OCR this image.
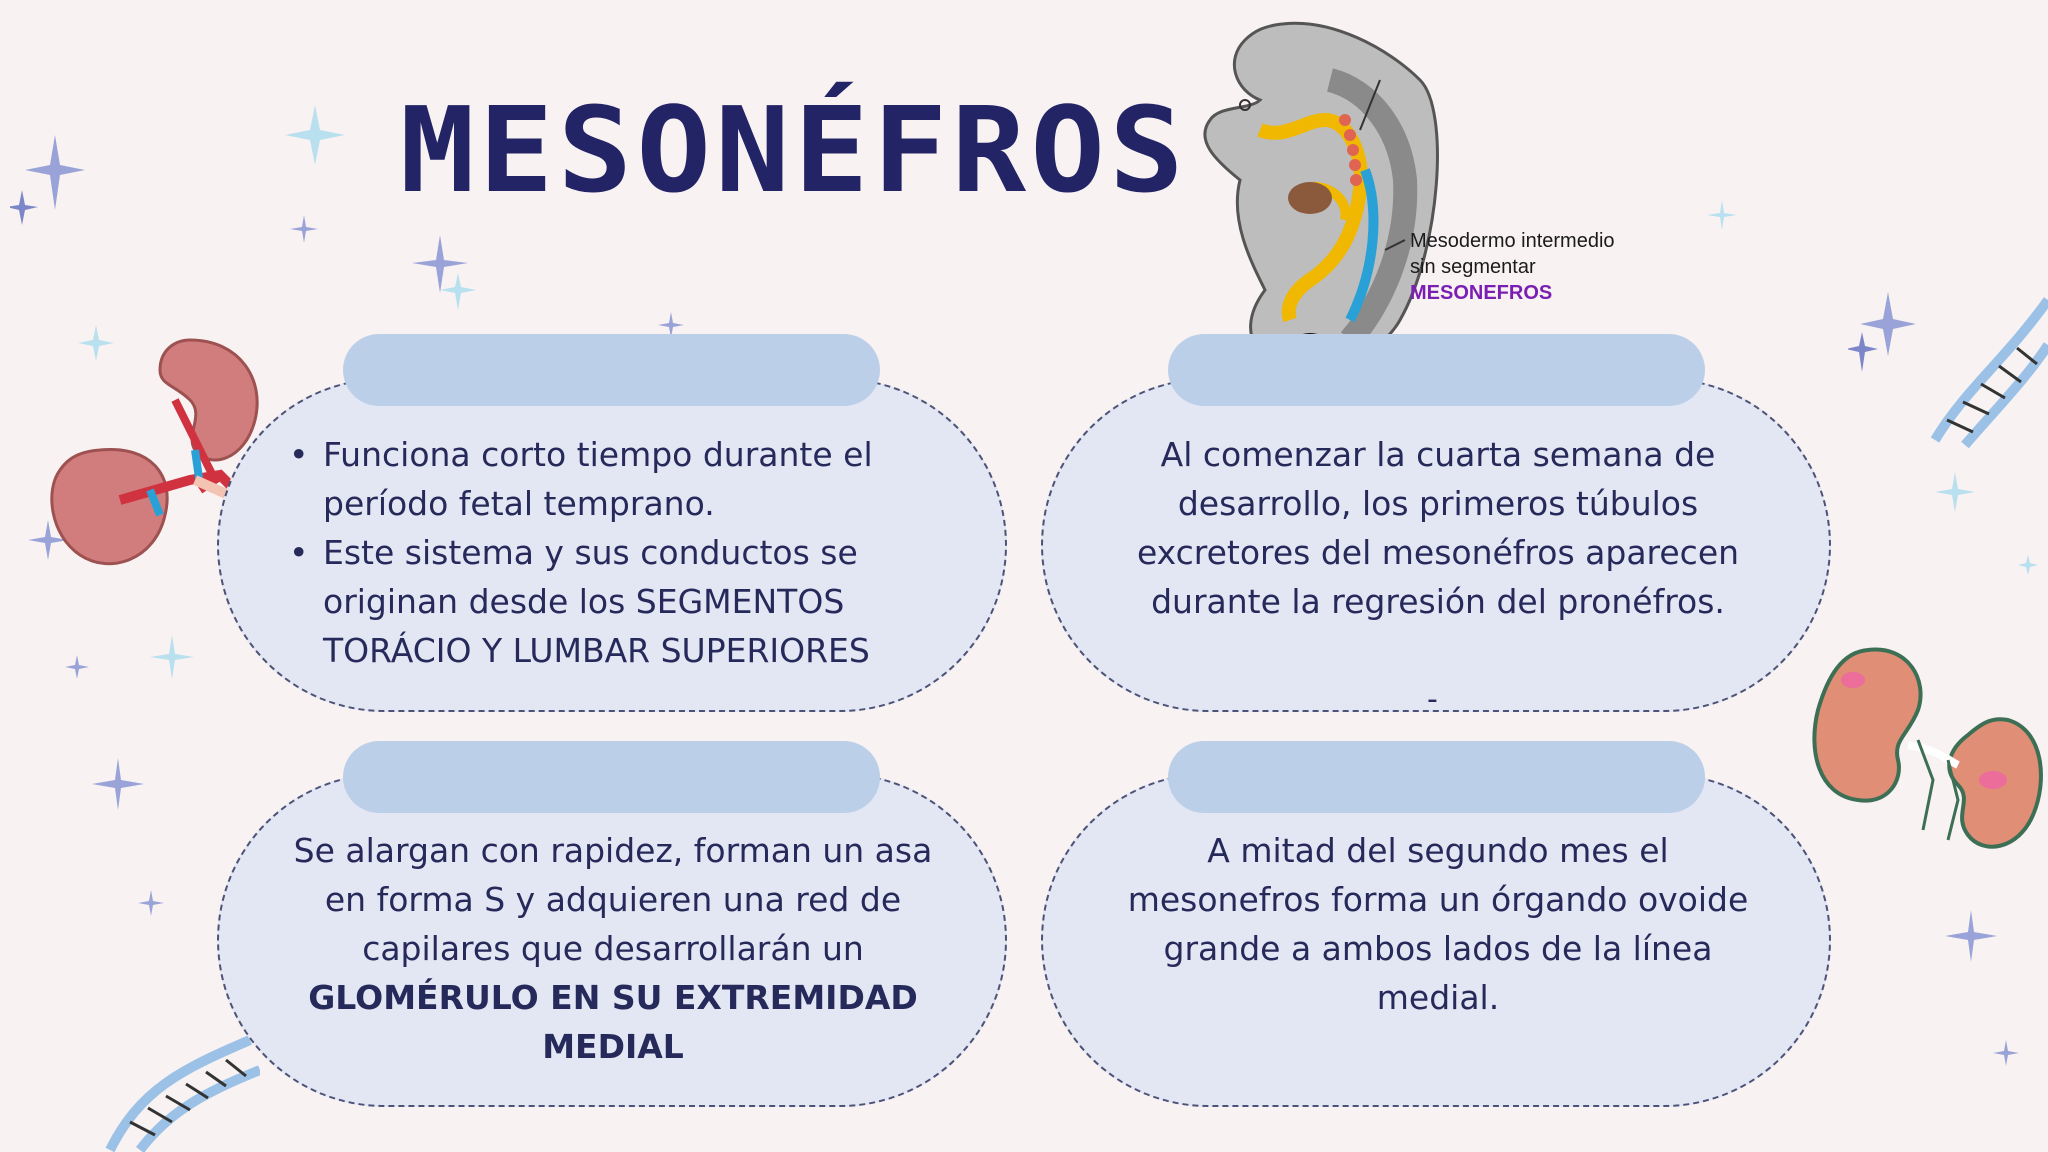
MESONÉFROS
Mesodermo intermedio
sin segmentar
MESONEFROS
• Funciona corto tiempo durante el período fetal temprano.
• Este sistema y sus conductos se originan desde los SEGMENTOS TORÁCIO Y LUMBAR SUPERIORES
Al comenzar la cuarta semana de desarrollo, los primeros túbulos excretores del mesonéfros aparecen durante la regresión del pronéfros.
-
Se alargan con rapidez, forman un asa en forma S y adquieren una red de capilares que desarrollarán un
GLOMÉRULO EN SU EXTREMIDAD MEDIAL
A mitad del segundo mes el mesonefros forma un órgando ovoide grande a ambos lados de la línea medial.
